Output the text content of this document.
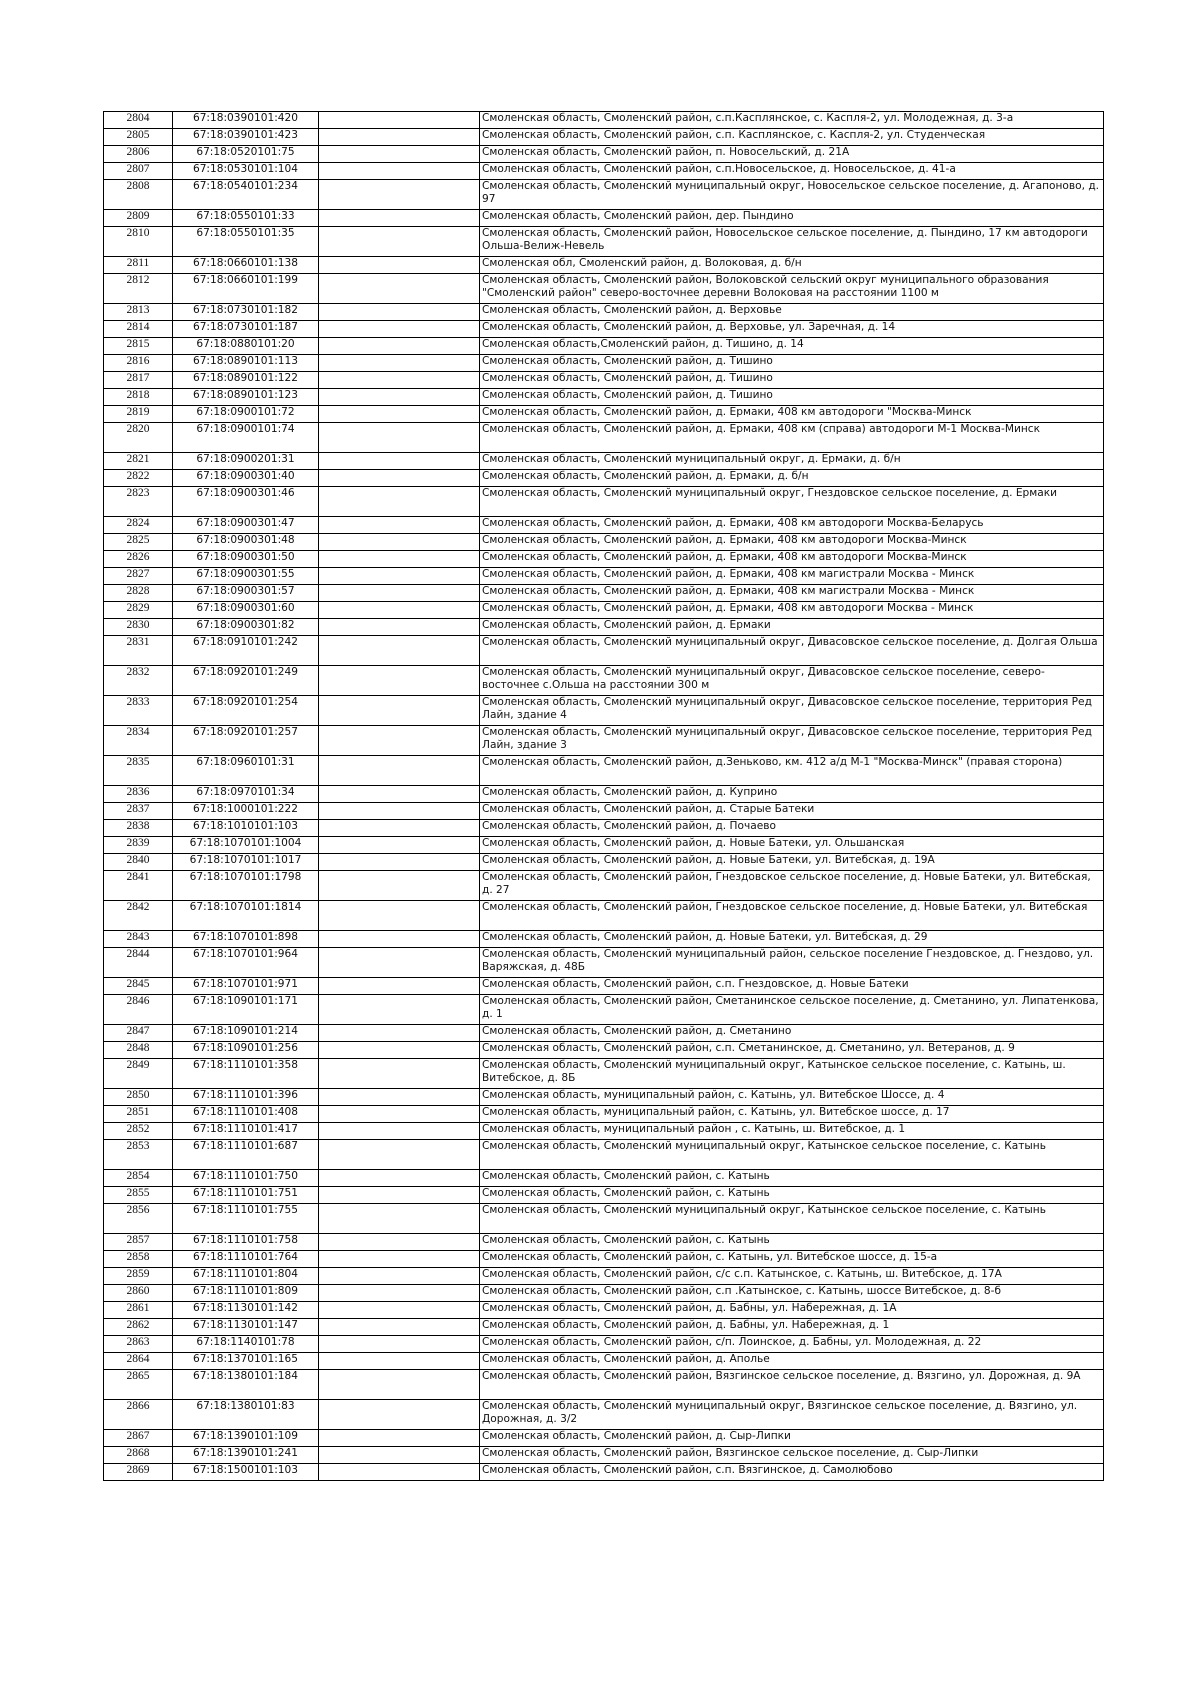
2804	67:18:0390101:420		Смоленская область, Смоленский район, с.п.Касплянское, с. Каспля-2, ул. Молодежная, д. 3-а
2805	67:18:0390101:423		Смоленская область, Смоленский район, с.п. Касплянское, с. Каспля-2, ул. Студенческая
2806	67:18:0520101:75		Смоленская область, Смоленский район, п. Новосельский, д. 21А
2807	67:18:0530101:104		Смоленская область, Смоленский район, с.п.Новосельское, д. Новосельское, д. 41-а
2808	67:18:0540101:234		Смоленская область, Смоленский муниципальный округ, Новосельское сельское поселение, д. Агапоново, д. 97
2809	67:18:0550101:33		Смоленская область, Смоленский район, дер. Пындино
2810	67:18:0550101:35		Смоленская область, Смоленский район, Новосельское сельское поселение, д. Пындино, 17 км автодороги Ольша-Велиж-Невель
2811	67:18:0660101:138		Смоленская обл, Смоленский район, д. Волоковая, д. б/н
2812	67:18:0660101:199		Смоленская область, Смоленский район, Волоковской сельский округ муниципального образования "Смоленский район" северо-восточнее деревни Волоковая на расстоянии 1100 м
2813	67:18:0730101:182		Смоленская область, Смоленский район, д. Верховье
2814	67:18:0730101:187		Смоленская область, Смоленский район, д. Верховье, ул. Заречная, д. 14
2815	67:18:0880101:20		Смоленская область,Смоленский район, д. Тишино, д. 14
2816	67:18:0890101:113		Смоленская область, Смоленский район, д. Тишино
2817	67:18:0890101:122		Смоленская область, Смоленский район, д. Тишино
2818	67:18:0890101:123		Смоленская область, Смоленский район, д. Тишино
2819	67:18:0900101:72		Смоленская область, Смоленский район, д. Ермаки, 408 км автодороги "Москва-Минск
2820	67:18:0900101:74		Смоленская область, Смоленский район, д. Ермаки, 408 км (справа) автодороги М-1 Москва-Минск
2821	67:18:0900201:31		Смоленская область, Смоленский муниципальный округ, д. Ермаки, д. б/н
2822	67:18:0900301:40		Смоленская область, Смоленский район, д. Ермаки, д. б/н
2823	67:18:0900301:46		Смоленская область, Смоленский муниципальный округ, Гнездовское сельское поселение, д. Ермаки
2824	67:18:0900301:47		Смоленская область, Смоленский район, д. Ермаки, 408 км автодороги Москва-Беларусь
2825	67:18:0900301:48		Смоленская область, Смоленский район, д. Ермаки, 408 км автодороги Москва-Минск
2826	67:18:0900301:50		Смоленская область, Смоленский район, д. Ермаки, 408 км автодороги Москва-Минск
2827	67:18:0900301:55		Смоленская область, Смоленский район, д. Ермаки, 408 км магистрали Москва - Минск
2828	67:18:0900301:57		Смоленская область, Смоленский район, д. Ермаки, 408 км магистрали Москва - Минск
2829	67:18:0900301:60		Смоленская область, Смоленский район, д. Ермаки, 408 км автодороги Москва - Минск
2830	67:18:0900301:82		Смоленская область, Смоленский район, д. Ермаки
2831	67:18:0910101:242		Смоленская область, Смоленский муниципальный округ, Дивасовское сельское поселение, д. Долгая Ольша
2832	67:18:0920101:249		Смоленская область, Смоленский муниципальный округ, Дивасовское сельское поселение, северо-восточнее с.Ольша на расстоянии 300 м
2833	67:18:0920101:254		Смоленская область, Смоленский муниципальный округ, Дивасовское сельское поселение, территория Ред Лайн, здание 4
2834	67:18:0920101:257		Смоленская область, Смоленский муниципальный округ, Дивасовское сельское поселение, территория Ред Лайн, здание 3
2835	67:18:0960101:31		Смоленская область, Смоленский район, д.Зеньково, км. 412 а/д М-1 "Москва-Минск" (правая сторона)
2836	67:18:0970101:34		Смоленская область, Смоленский район, д. Куприно
2837	67:18:1000101:222		Смоленская область, Смоленский район, д. Старые Батеки
2838	67:18:1010101:103		Смоленская область, Смоленский район, д. Почаево
2839	67:18:1070101:1004		Смоленская область, Смоленский район, д. Новые Батеки, ул. Ольшанская
2840	67:18:1070101:1017		Смоленская область, Смоленский район, д. Новые Батеки, ул. Витебская, д. 19А
2841	67:18:1070101:1798		Смоленская область, Смоленский район, Гнездовское сельское поселение, д. Новые Батеки, ул. Витебская, д. 27
2842	67:18:1070101:1814		Смоленская область, Смоленский район, Гнездовское сельское поселение, д. Новые Батеки, ул. Витебская
2843	67:18:1070101:898		Смоленская область, Смоленский район, д. Новые Батеки, ул. Витебская, д. 29
2844	67:18:1070101:964		Смоленская область, Смоленский муниципальный район, сельское поселение Гнездовское, д. Гнездово, ул. Варяжская, д. 48Б
2845	67:18:1070101:971		Смоленская область, Смоленский район, с.п. Гнездовское, д. Новые Батеки
2846	67:18:1090101:171		Смоленская область, Смоленский район, Сметанинское сельское поселение, д. Сметанино, ул. Липатенкова, д. 1
2847	67:18:1090101:214		Смоленская область, Смоленский район, д. Сметанино
2848	67:18:1090101:256		Смоленская область, Смоленский район, с.п. Сметанинское, д. Сметанино, ул. Ветеранов, д. 9
2849	67:18:1110101:358		Смоленская область, Смоленский муниципальный округ, Катынское сельское поселение, с. Катынь, ш. Витебское, д. 8Б
2850	67:18:1110101:396		Смоленская область, муниципальный район, с. Катынь, ул. Витебское Шоссе, д. 4
2851	67:18:1110101:408		Смоленская область, муниципальный район, с. Катынь, ул. Витебское шоссе, д. 17
2852	67:18:1110101:417		Смоленская область, муниципальный район , с. Катынь, ш. Витебское, д. 1
2853	67:18:1110101:687		Смоленская область, Смоленский муниципальный округ, Катынское сельское поселение, с. Катынь
2854	67:18:1110101:750		Смоленская область, Смоленский район, с. Катынь
2855	67:18:1110101:751		Смоленская область, Смоленский район, с. Катынь
2856	67:18:1110101:755		Смоленская область, Смоленский муниципальный округ, Катынское сельское поселение, с. Катынь
2857	67:18:1110101:758		Смоленская область, Смоленский район, с. Катынь
2858	67:18:1110101:764		Смоленская область, Смоленский район, с. Катынь, ул. Витебское шоссе, д. 15-а
2859	67:18:1110101:804		Смоленская область, Смоленский район, с/с с.п. Катынское, с. Катынь, ш. Витебское, д. 17А
2860	67:18:1110101:809		Смоленская область, Смоленский район, с.п .Катынское, с. Катынь, шоссе Витебское, д. 8-б
2861	67:18:1130101:142		Смоленская область, Смоленский район, д. Бабны, ул. Набережная, д. 1А
2862	67:18:1130101:147		Смоленская область, Смоленский район, д. Бабны, ул. Набережная, д. 1
2863	67:18:1140101:78		Смоленская область, Смоленский район, с/п. Лоинское, д. Бабны, ул. Молодежная, д. 22
2864	67:18:1370101:165		Смоленская область, Смоленский район, д. Аполье
2865	67:18:1380101:184		Смоленская область, Смоленский район, Вязгинское сельское поселение, д. Вязгино, ул. Дорожная, д. 9А
2866	67:18:1380101:83		Смоленская область, Смоленский муниципальный округ, Вязгинское сельское поселение, д. Вязгино, ул. Дорожная, д. 3/2
2867	67:18:1390101:109		Смоленская область, Смоленский район, д. Сыр-Липки
2868	67:18:1390101:241		Смоленская область, Смоленский район, Вязгинское сельское поселение, д. Сыр-Липки
2869	67:18:1500101:103		Смоленская область, Смоленский район, с.п. Вязгинское, д. Самолюбово
